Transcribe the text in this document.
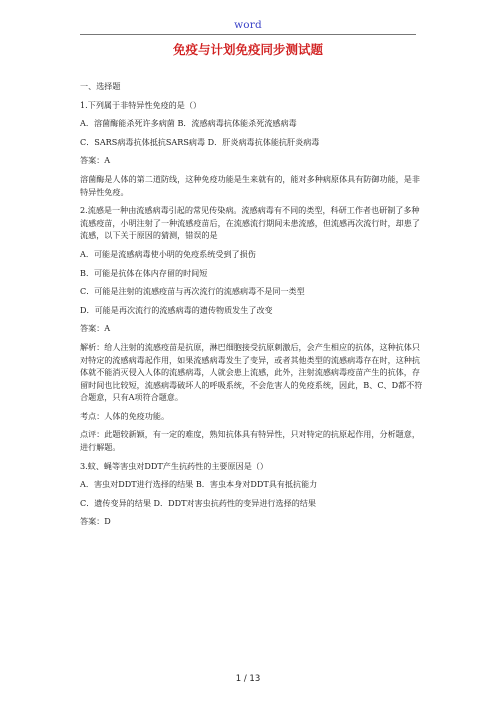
word
免疫与计划免疫同步测试题

一、选择题

1.下列属于非特异性免疫的是（）

A．溶菌酶能杀死许多病菌 B．流感病毒抗体能杀死流感病毒

C．SARS病毒抗体抵抗SARS病毒 D．肝炎病毒抗体能抗肝炎病毒

答案：A

溶菌酶是人体的第二道防线，这种免疫功能是生来就有的，能对多种病原体具有防御功能，是非特异性免疫。

2.流感是一种由流感病毒引起的常见传染病。流感病毒有不同的类型，科研工作者也研制了多种流感疫苗，小明注射了一种流感疫苗后，在流感流行期间未患流感，但流感再次流行时，却患了流感，以下关于原因的猜测，错误的是

A．可能是流感病毒使小明的免疫系统受到了损伤

B．可能是抗体在体内存留的时间短

C．可能是注射的流感疫苗与再次流行的流感病毒不是同一类型

D．可能是再次流行的流感病毒的遗传物质发生了改变

答案：A

解析：给人注射的流感疫苗是抗原，淋巴细胞接受抗原刺激后，会产生相应的抗体，这种抗体只对特定的流感病毒起作用，如果流感病毒发生了变异，或者其他类型的流感病毒存在时，这种抗体就不能消灭侵入人体的流感病毒，人就会患上流感，此外，注射流感病毒疫苗产生的抗体，存留时间也比较短，流感病毒破坏人的呼吸系统，不会危害人的免疫系统，因此，B、C、D都不符合题意，只有A项符合题意。

考点：人体的免疫功能。

点评：此题较新颖，有一定的难度，熟知抗体具有特异性，只对特定的抗原起作用，分析题意，进行解题。

3.蚊、蝇等害虫对DDT产生抗药性的主要原因是（）

A．害虫对DDT进行选择的结果 B．害虫本身对DDT具有抵抗能力

C．遗传变异的结果 D．DDT对害虫抗药性的变异进行选择的结果

答案：D

1 / 13
